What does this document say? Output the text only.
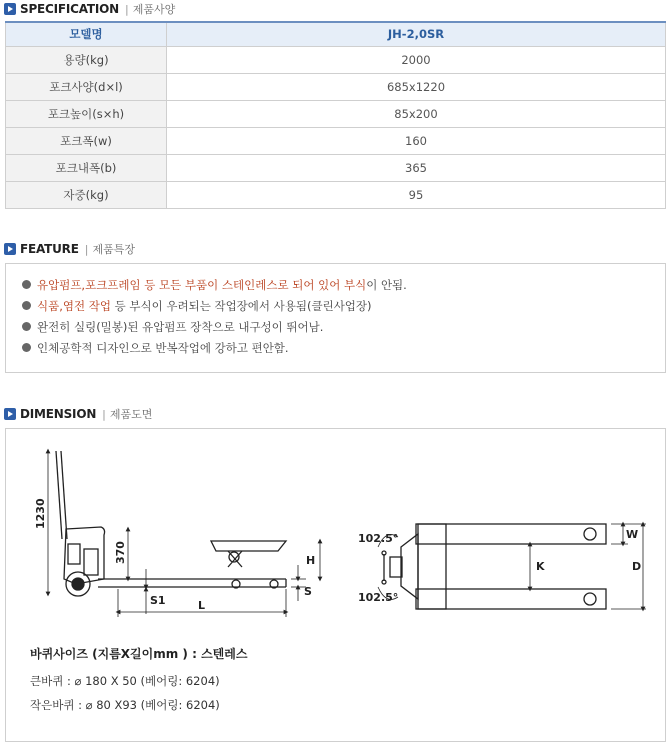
SPECIFICATION | 제품사양
모델명	JH-2,0SR
용량(kg)	2000
포크사양(d×l)	685x1220
포크높이(s×h)	85x200
포크폭(w)	160
포크내폭(b)	365
자중(kg)	95
FEATURE | 제품특장
유압펌프,포크프레임 등 모든 부품이 스테인레스로 되어 있어 부식이 안됨.
식품,염전 작업 등 부식이 우려되는 작업장에서 사용됨(클린사업장)
완전히 실링(밀봉)된 유압펌프 장착으로 내구성이 뛰어남.
인체공학적 디자인으로 반복작업에 강하고 편안함.
DIMENSION | 제품도면
1230
370	H
S1	L
S
102.5°
102.5°
W
K	D
바퀴사이즈 (지름X길이mm ) : 스텐레스
큰바퀴 : ⌀ 180 X 50 (베어링: 6204)
작은바퀴 : ⌀ 80 X93 (베어링: 6204)
